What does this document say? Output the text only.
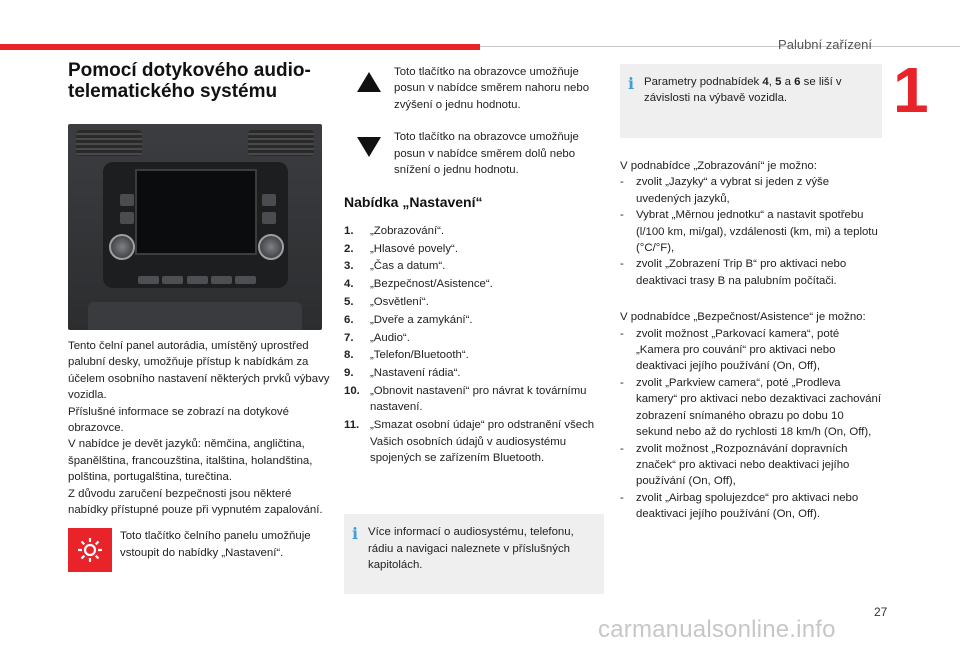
Palubní zařízení
1
Pomocí dotykového audio-telematického systému

Tento čelní panel autorádia, umístěný uprostřed palubní desky, umožňuje přístup k nabídkám za účelem osobního nastavení některých prvků výbavy vozidla.

Příslušné informace se zobrazí na dotykové obrazovce.
V nabídce je devět jazyků: němčina, angličtina, španělština, francouzština, italština, holandština, polština, portugalština, turečtina.
Z důvodu zaručení bezpečnosti jsou některé nabídky přístupné pouze při vypnutém zapalování.
Toto tlačítko čelního panelu umožňuje vstoupit do nabídky „Nastavení“.
Toto tlačítko na obrazovce umožňuje posun v nabídce směrem nahoru nebo zvýšení o jednu hodnotu.
Toto tlačítko na obrazovce umožňuje posun v nabídce směrem dolů nebo snížení o jednu hodnotu.
Nabídka „Nastavení“
1.	„Zobrazování“.
2.	„Hlasové povely“.
3.	„Čas a datum“.
4.	„Bezpečnost/Asistence“.
5.	„Osvětlení“.
6.	„Dveře a zamykání“.
7.	„Audio“.
8.	„Telefon/Bluetooth“.
9.	„Nastavení rádia“.
10. „Obnovit nastavení“ pro návrat k továrnímu nastavení.
11. „Smazat osobní údaje“ pro odstranění všech Vašich osobních údajů v audiosystému spojených se zařízením Bluetooth.
i Více informací o audiosystému, telefonu, rádiu a navigaci naleznete v příslušných kapitolách.
i Parametry podnabídek 4, 5 a 6 se liší v závislosti na výbavě vozidla.
V podnabídce „Zobrazování“ je možno:
-	zvolit „Jazyky“ a vybrat si jeden z výše uvedených jazyků,
-	Vybrat „Měrnou jednotku“ a nastavit spotřebu (l/100 km, mi/gal), vzdálenosti (km, mi) a teplotu (°C/°F),
-	zvolit „Zobrazení Trip B“ pro aktivaci nebo deaktivaci trasy B na palubním počítači.
V podnabídce „Bezpečnost/Asistence“ je možno:
-	zvolit možnost „Parkovací kamera“, poté „Kamera pro couvání“ pro aktivaci nebo deaktivaci jejího používání (On, Off),
-	zvolit „Parkview camera“, poté „Prodleva kamery“ pro aktivaci nebo dezaktivaci zachování zobrazení snímaného obrazu po dobu 10 sekund nebo až do rychlosti 18 km/h (On, Off),
-	zvolit možnost „Rozpoznávání dopravních značek“ pro aktivaci nebo deaktivaci jejího používání (On, Off),
-	zvolit „Airbag spolujezdce“ pro aktivaci nebo deaktivaci jejího používání (On, Off).
27
carmanualsonline.info
